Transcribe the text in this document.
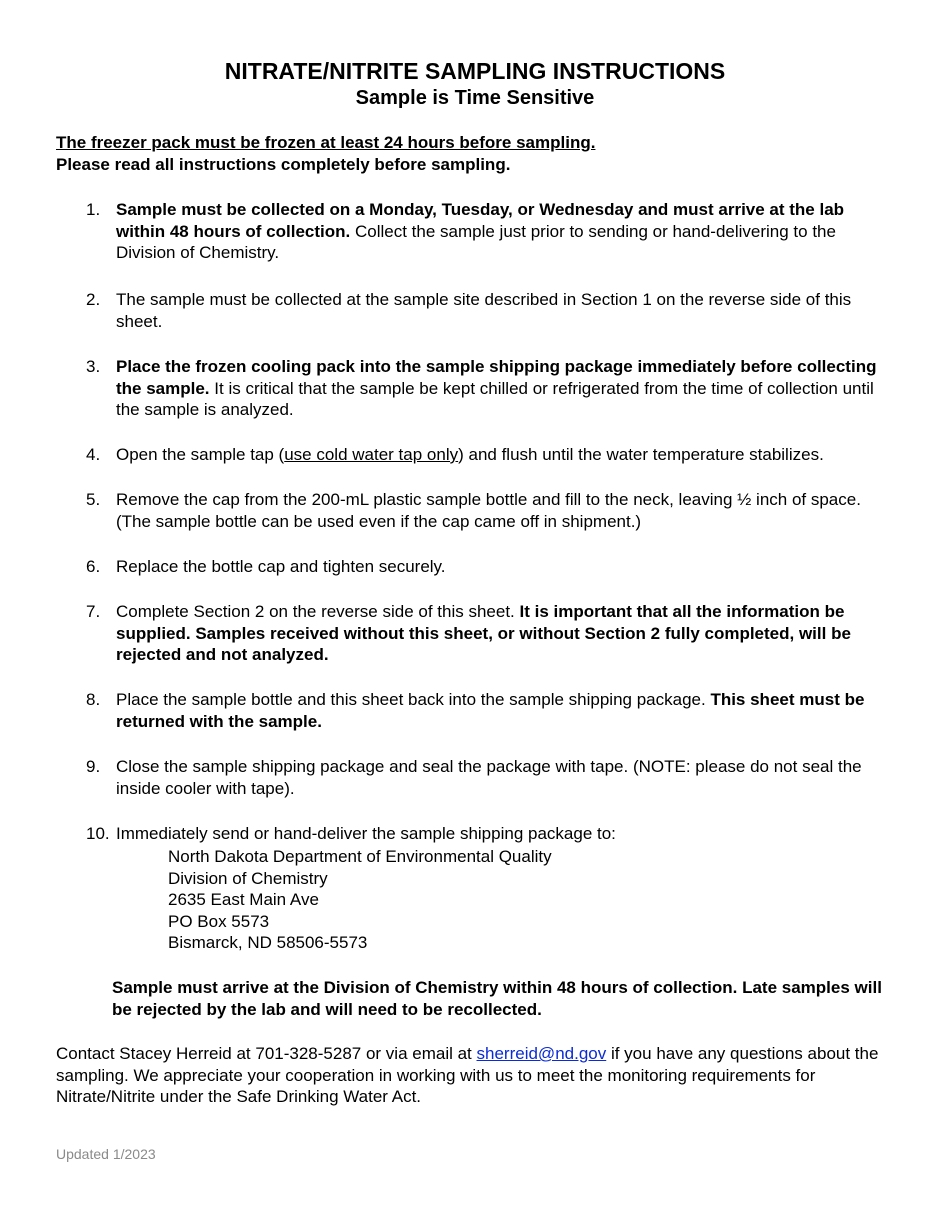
NITRATE/NITRITE SAMPLING INSTRUCTIONS
Sample is Time Sensitive
The freezer pack must be frozen at least 24 hours before sampling.
Please read all instructions completely before sampling.
1. Sample must be collected on a Monday, Tuesday, or Wednesday and must arrive at the lab within 48 hours of collection. Collect the sample just prior to sending or hand-delivering to the Division of Chemistry.
2. The sample must be collected at the sample site described in Section 1 on the reverse side of this sheet.
3. Place the frozen cooling pack into the sample shipping package immediately before collecting the sample. It is critical that the sample be kept chilled or refrigerated from the time of collection until the sample is analyzed.
4. Open the sample tap (use cold water tap only) and flush until the water temperature stabilizes.
5. Remove the cap from the 200-mL plastic sample bottle and fill to the neck, leaving ½ inch of space. (The sample bottle can be used even if the cap came off in shipment.)
6. Replace the bottle cap and tighten securely.
7. Complete Section 2 on the reverse side of this sheet. It is important that all the information be supplied. Samples received without this sheet, or without Section 2 fully completed, will be rejected and not analyzed.
8. Place the sample bottle and this sheet back into the sample shipping package. This sheet must be returned with the sample.
9. Close the sample shipping package and seal the package with tape. (NOTE: please do not seal the inside cooler with tape).
10. Immediately send or hand-deliver the sample shipping package to:
North Dakota Department of Environmental Quality
Division of Chemistry
2635 East Main Ave
PO Box 5573
Bismarck, ND 58506-5573
Sample must arrive at the Division of Chemistry within 48 hours of collection. Late samples will be rejected by the lab and will need to be recollected.
Contact Stacey Herreid at 701-328-5287 or via email at sherreid@nd.gov if you have any questions about the sampling. We appreciate your cooperation in working with us to meet the monitoring requirements for Nitrate/Nitrite under the Safe Drinking Water Act.
Updated 1/2023
